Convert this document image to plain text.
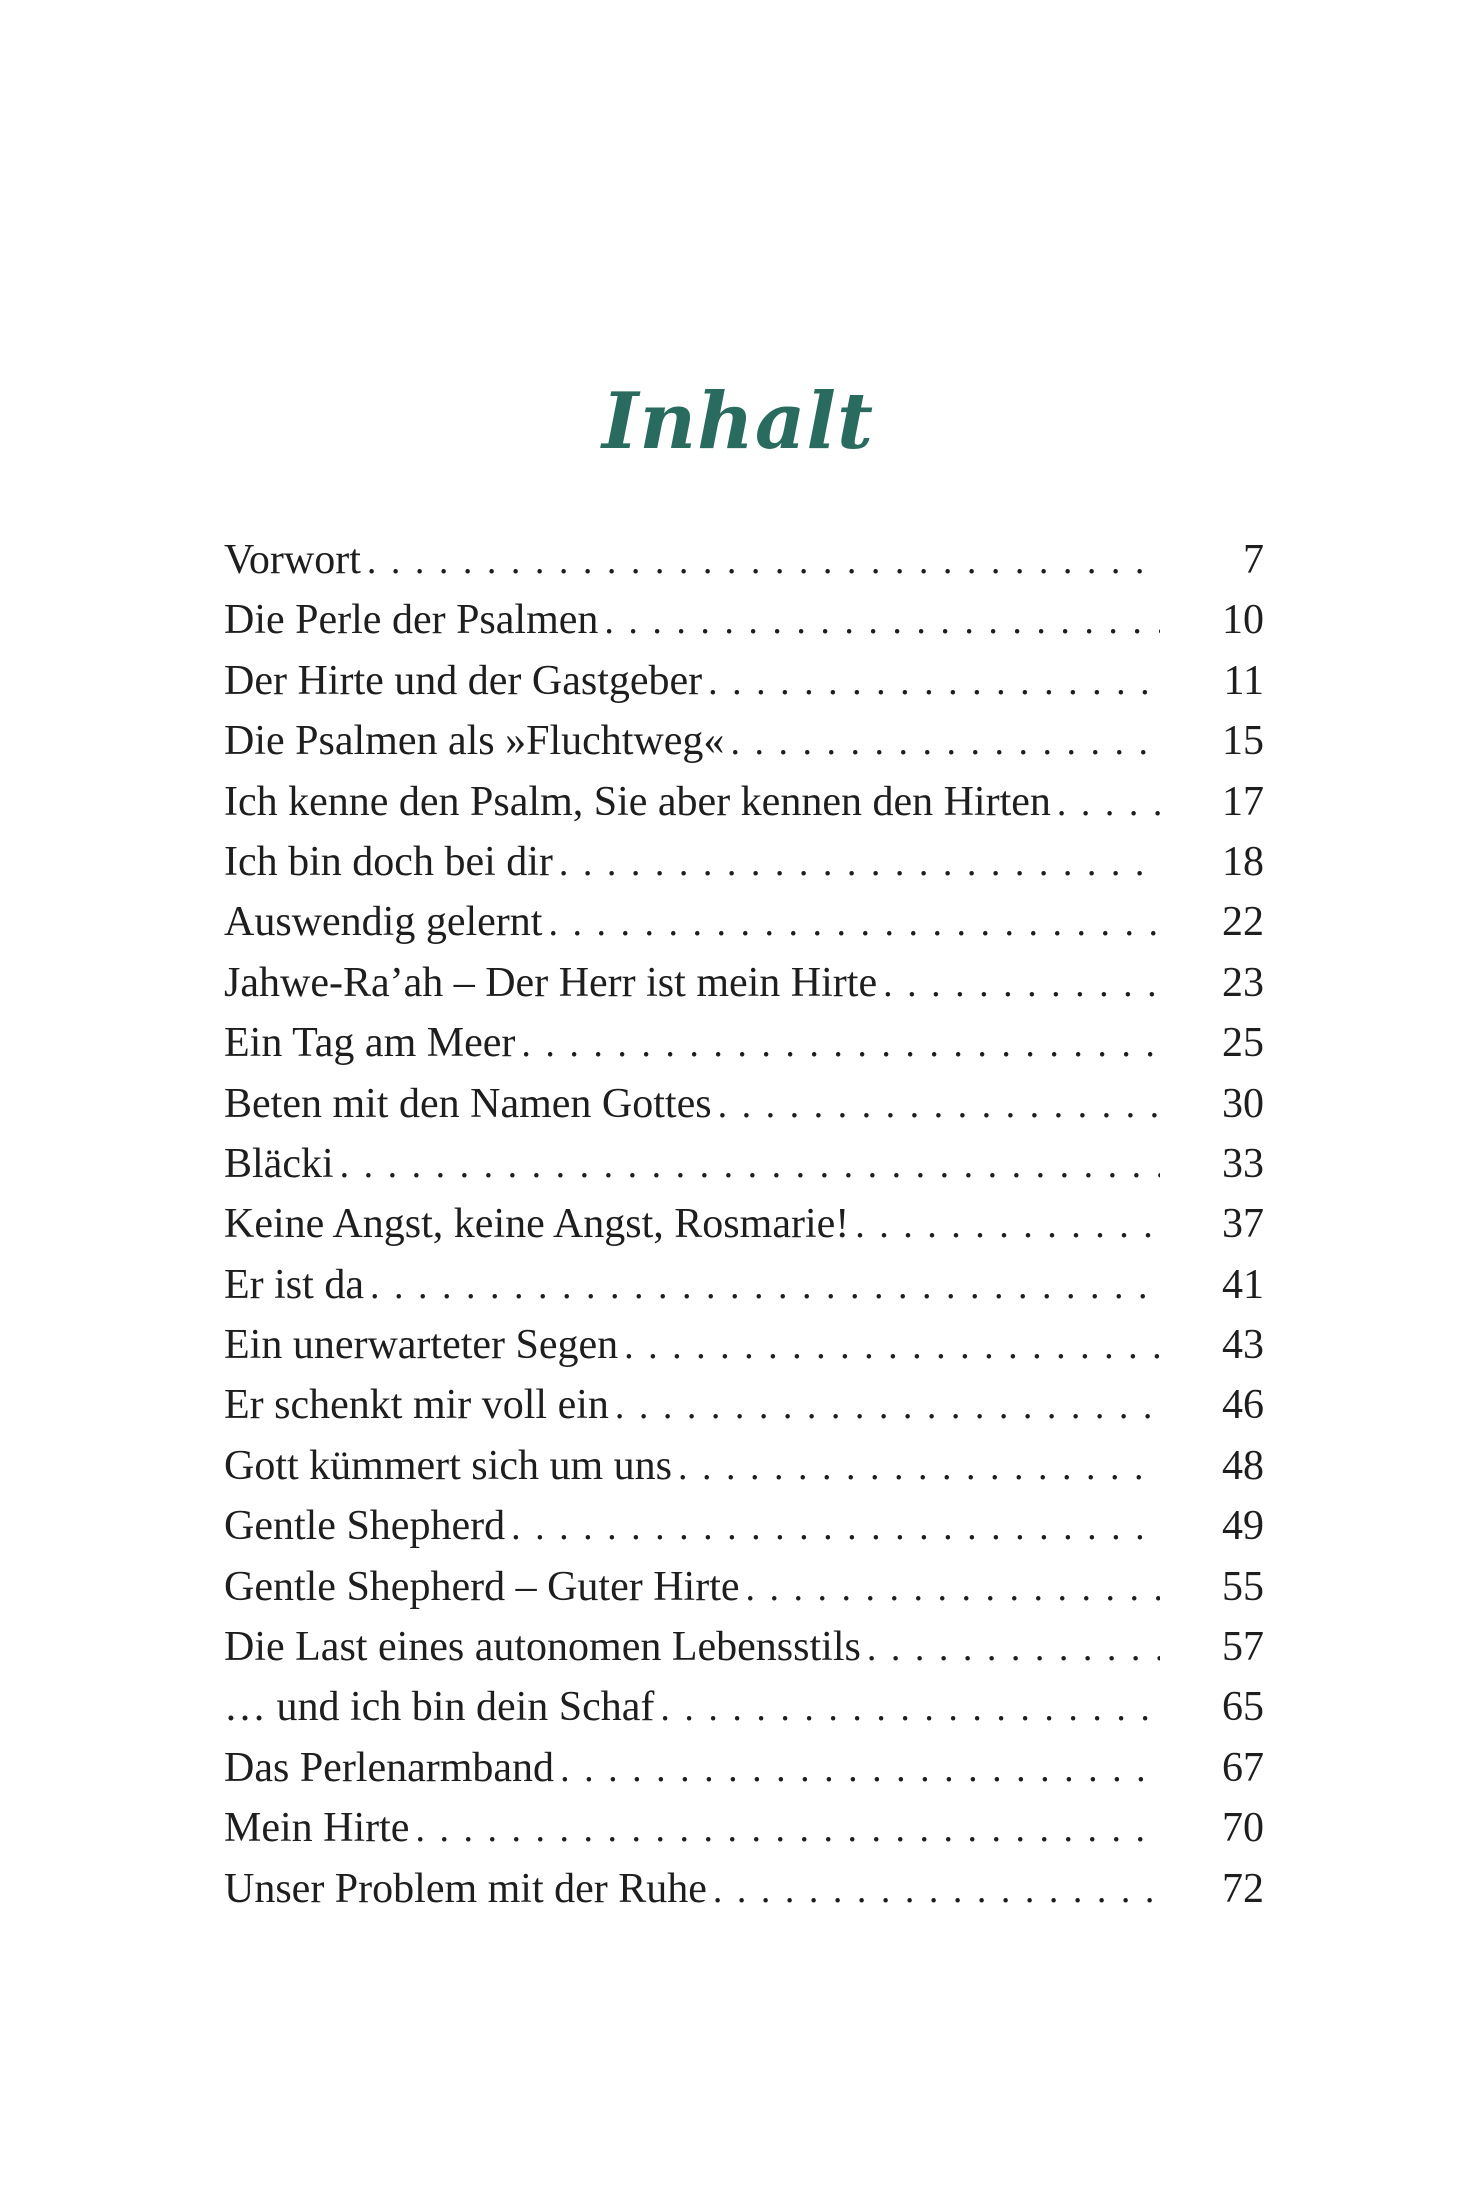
Inhalt
Vorwort . . .	7
Die Perle der Psalmen . . .	10
Der Hirte und der Gastgeber . . .	11
Die Psalmen als »Fluchtweg« . . .	15
Ich kenne den Psalm, Sie aber kennen den Hirten . . .	17
Ich bin doch bei dir . . .	18
Auswendig gelernt . . .	22
Jahwe-Ra’ah – Der Herr ist mein Hirte . . .	23
Ein Tag am Meer . . .	25
Beten mit den Namen Gottes . . .	30
Bläcki . . .	33
Keine Angst, keine Angst, Rosmarie! . . .	37
Er ist da . . .	41
Ein unerwarteter Segen . . .	43
Er schenkt mir voll ein . . .	46
Gott kümmert sich um uns . . .	48
Gentle Shepherd . . .	49
Gentle Shepherd – Guter Hirte . . .	55
Die Last eines autonomen Lebensstils . . .	57
… und ich bin dein Schaf . . .	65
Das Perlenarmband . . .	67
Mein Hirte . . .	70
Unser Problem mit der Ruhe . . .	72
